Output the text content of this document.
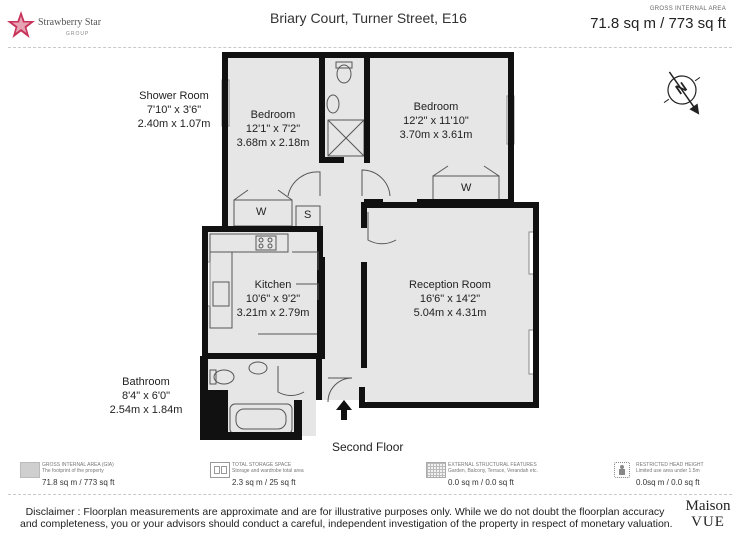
Strawberry Star
GROUP
Briary Court, Turner Street, E16
GROSS INTERNAL AREA
71.8 sq m / 773 sq ft
N
Shower Room
7'10" x 3'6"
2.40m x 1.07m
Bedroom
12'1" x 7'2"
3.68m x 2.18m
Bedroom
12'2" x 11'10"
3.70m x 3.61m
Kitchen
10'6" x 9'2"
3.21m x 2.79m
Reception Room
16'6" x 14'2"
5.04m x 4.31m
Bathroom
8'4" x 6'0"
2.54m x 1.84m
W	S
W
Second Floor
GROSS INTERNAL AREA (GIA)
The footprint of the property
71.8 sq m / 773 sq ft
TOTAL STORAGE SPACE
Storage and wardrobe total area
2.3 sq m / 25 sq ft
EXTERNAL STRUCTURAL FEATURES
Garden, Balcony, Terrace, Verandah etc.
0.0 sq m / 0.0 sq ft
RESTRICTED HEAD HEIGHT
Limited use area under 1.5m
0.0sq m / 0.0 sq ft
Disclaimer : Floorplan measurements are approximate and are for illustrative purposes only. While we do not doubt the floorplan accuracy
and completeness, you or your advisors should conduct a careful, independent investigation of the property in respect of monetary valuation.
Maison
VUE
